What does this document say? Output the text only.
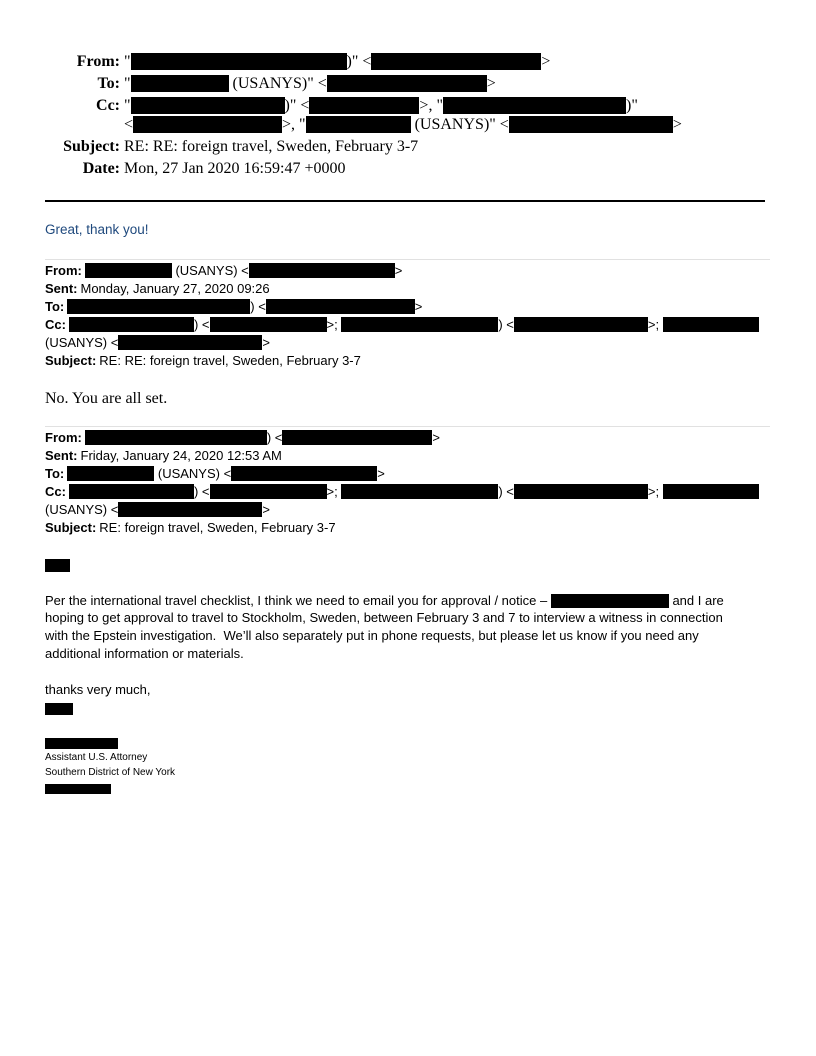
From: "	)" <	>
To: "	(USANYS)" <	>
Cc: "	)" <	>, "	)"
<	>, "	(USANYS)" <	>
Subject: RE: RE: foreign travel, Sweden, February 3-7
Date: Mon, 27 Jan 2020 16:59:47 +0000
Great, thank you!
From:	(USANYS) <	>
Sent: Monday, January 27, 2020 09:26
To:	) <	>
Cc:	) <	>;	) <	>;
(USANYS) <	>
Subject: RE: RE: foreign travel, Sweden, February 3-7
No. You are all set.
From:	) <	>
Sent: Friday, January 24, 2020 12:53 AM
To:	(USANYS) <	>
Cc:	) <	>;	) <	>;
(USANYS) <	>
Subject: RE: foreign travel, Sweden, February 3-7
Per the international travel checklist, I think we need to email you for approval / notice –	and I are
hoping to get approval to travel to Stockholm, Sweden, between February 3 and 7 to interview a witness in connection
with the Epstein investigation.  We’ll also separately put in phone requests, but please let us know if you need any
additional information or materials.
thanks very much,
Assistant U.S. Attorney
Southern District of New York
